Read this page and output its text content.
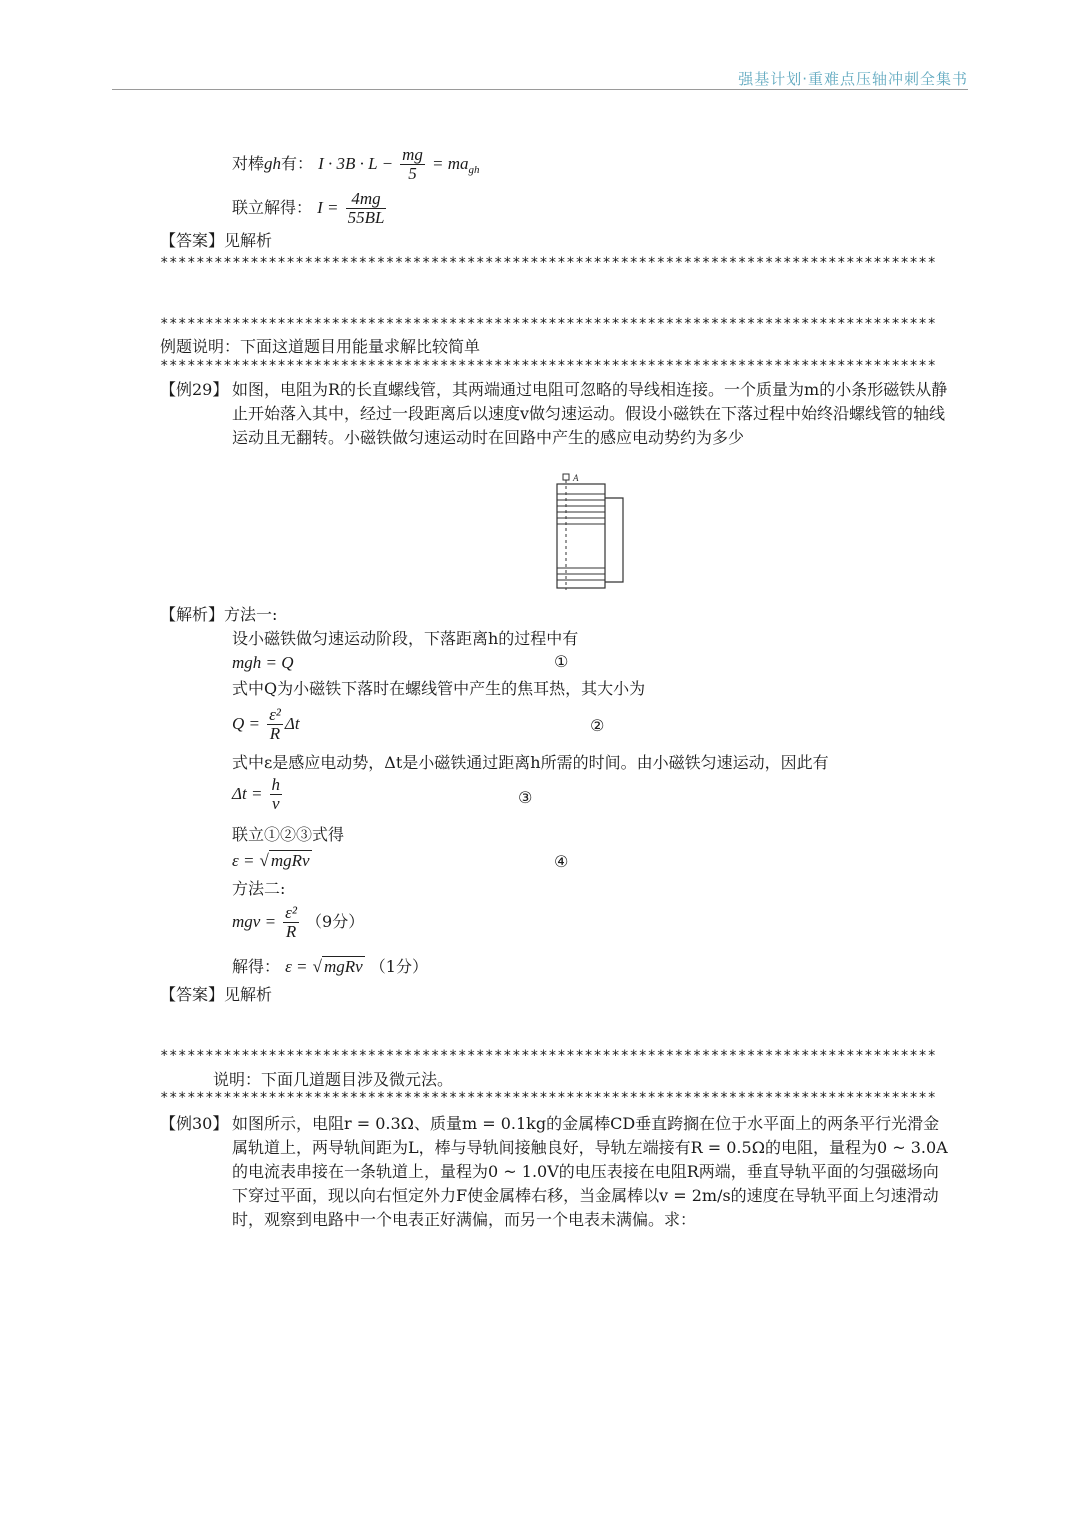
强基计划·重难点压轴冲刺全集书
对棒gh有： $I \cdot 3B \cdot L - \frac{mg}{5} = ma_{gh}$
联立解得： $I = \frac{4mg}{55BL}$
【答案】见解析
**************************************************************************************
**************************************************************************************
例题说明：下面这道题目用能量求解比较简单
**************************************************************************************
【例29】 如图，电阻为R的长直螺线管，其两端通过电阻可忽略的导线相连接。一个质量为m的小条形磁铁从静止开始落入其中，经过一段距离后以速度v做匀速运动。假设小磁铁在下落过程中始终沿螺线管的轴线运动且无翻转。小磁铁做匀速运动时在回路中产生的感应电动势约为多少
A
【解析】方法一:
设小磁铁做匀速运动阶段，下落距离h的过程中有
mgh = Q	①
式中Q为小磁铁下落时在螺线管中产生的焦耳热，其大小为
$Q = \frac{\text{ε²}}{R}$ Δt	②
式中ε是感应电动势，Δt是小磁铁通过距离h所需的时间。由小磁铁匀速运动，因此有
$\Delta t = \frac{h}{v}$	③
联立①②③式得
ε = √ mgRv	④
方法二:
mgv = $\frac{\text{ε²}}{R} (9$分）
解得： ε = √ mgRv （1分）
【答案】见解析
**************************************************************************************
说明：下面几道题目涉及微元法。
**************************************************************************************
【例30】 如图所示，电阻r = 0.3Ω、质量m = 0.1kg的金属棒CD垂直跨搁在位于水平面上的两条平行光滑金属轨道上，两导轨间距为L，棒与导轨间接触良好，导轨左端接有R = 0.5Ω的电阻，量程为0 ~ 3.0A的电流表串接在一条轨道上，量程为0 ~ 1.0V的电压表接在电阻R两端，垂直导轨平面的匀强磁场向下穿过平面，现以向右恒定外力F使金属棒右移，当金属棒以v = 2m/s的速度在导轨平面上匀速滑动时，观察到电路中一个电表正好满偏，而另一个电表未满偏。求：
